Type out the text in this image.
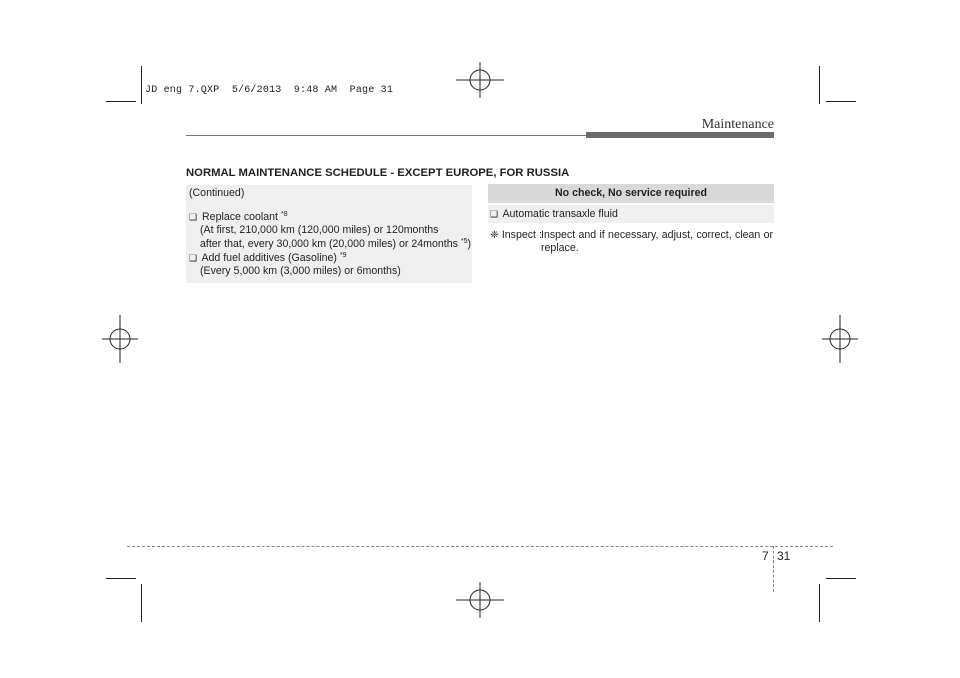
JD eng 7.QXP  5/6/2013  9:48 AM  Page 31
Maintenance
NORMAL MAINTENANCE SCHEDULE - EXCEPT EUROPE, FOR RUSSIA
(Continued)
❑ Replace coolant $^{*8}$
(At first, 210,000 km (120,000 miles) or 120months
after that, every 30,000 km (20,000 miles) or 24months $^{*5}$)
❑ Add fuel additives (Gasoline) $^{*9}$
(Every 5,000 km (3,000 miles) or 6months)
No check, No service required
❑ Automatic transaxle fluid
❈ Inspect : Inspect and if necessary, adjust, correct, clean or
replace.
7 31
